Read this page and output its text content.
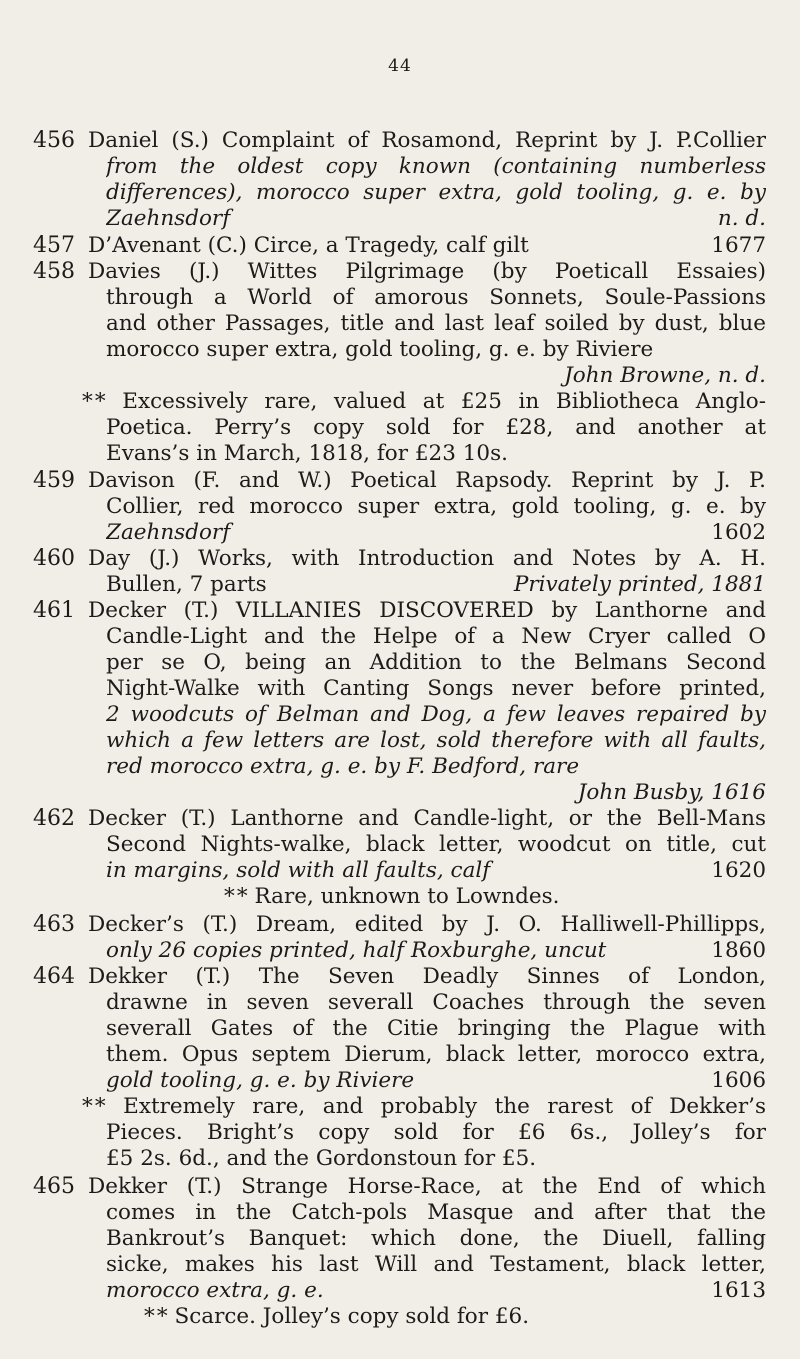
44
456 Daniel (S.) Complaint of Rosamond, Reprint by J. P.Collier
from the oldest copy known (containing numberless
differences), morocco super extra, gold tooling, g. e. by
Zaehnsdorf	n. d.
457 D’Avenant (C.) Circe, a Tragedy, calf gilt	1677
458 Davies (J.) Wittes Pilgrimage (by Poeticall Essaies)
through a World of amorous Sonnets, Soule-Passions
and other Passages, title and last leaf soiled by dust, blue
morocco super extra, gold tooling, g. e. by Riviere
John Browne, n. d.
* * Excessively rare, valued at £25 in Bibliotheca Anglo-
Poetica. Perry’s copy sold for £28, and another at
Evans’s in March, 1818, for £23 10s.
459 Davison (F. and W.) Poetical Rapsody. Reprint by J. P.
Collier, red morocco super extra, gold tooling, g. e. by
Zaehnsdorf	1602
460 Day (J.) Works, with Introduction and Notes by A. H.
Bullen, 7 parts	Privately printed, 1881
461 Decker (T.) VILLANIES DISCOVERED by Lanthorne and
Candle-Light and the Helpe of a New Cryer called O
per se O, being an Addition to the Belmans Second
Night-Walke with Canting Songs never before printed,
2 woodcuts of Belman and Dog, a few leaves repaired by
which a few letters are lost, sold therefore with all faults,
red morocco extra, g. e. by F. Bedford, rare
John Busby, 1616
462 Decker (T.) Lanthorne and Candle-light, or the Bell-Mans
Second Nights-walke, black letter, woodcut on title, cut
in margins, sold with all faults, calf	1620
* * Rare, unknown to Lowndes.
463 Decker’s (T.) Dream, edited by J. O. Halliwell-Phillipps,
only 26 copies printed, half Roxburghe, uncut	1860
464 Dekker (T.) The Seven Deadly Sinnes of London,
drawne in seven severall Coaches through the seven
severall Gates of the Citie bringing the Plague with
them. Opus septem Dierum, black letter, morocco extra,
gold tooling, g. e. by Riviere	1606
* * Extremely rare, and probably the rarest of Dekker’s
Pieces. Bright’s copy sold for £6 6s., Jolley’s for
£5 2s. 6d., and the Gordonstoun for £5.
465 Dekker (T.) Strange Horse-Race, at the End of which
comes in the Catch-pols Masque and after that the
Bankrout’s Banquet: which done, the Diuell, falling
sicke, makes his last Will and Testament, black letter,
morocco extra, g. e.	1613
* * Scarce. Jolley’s copy sold for £6.
